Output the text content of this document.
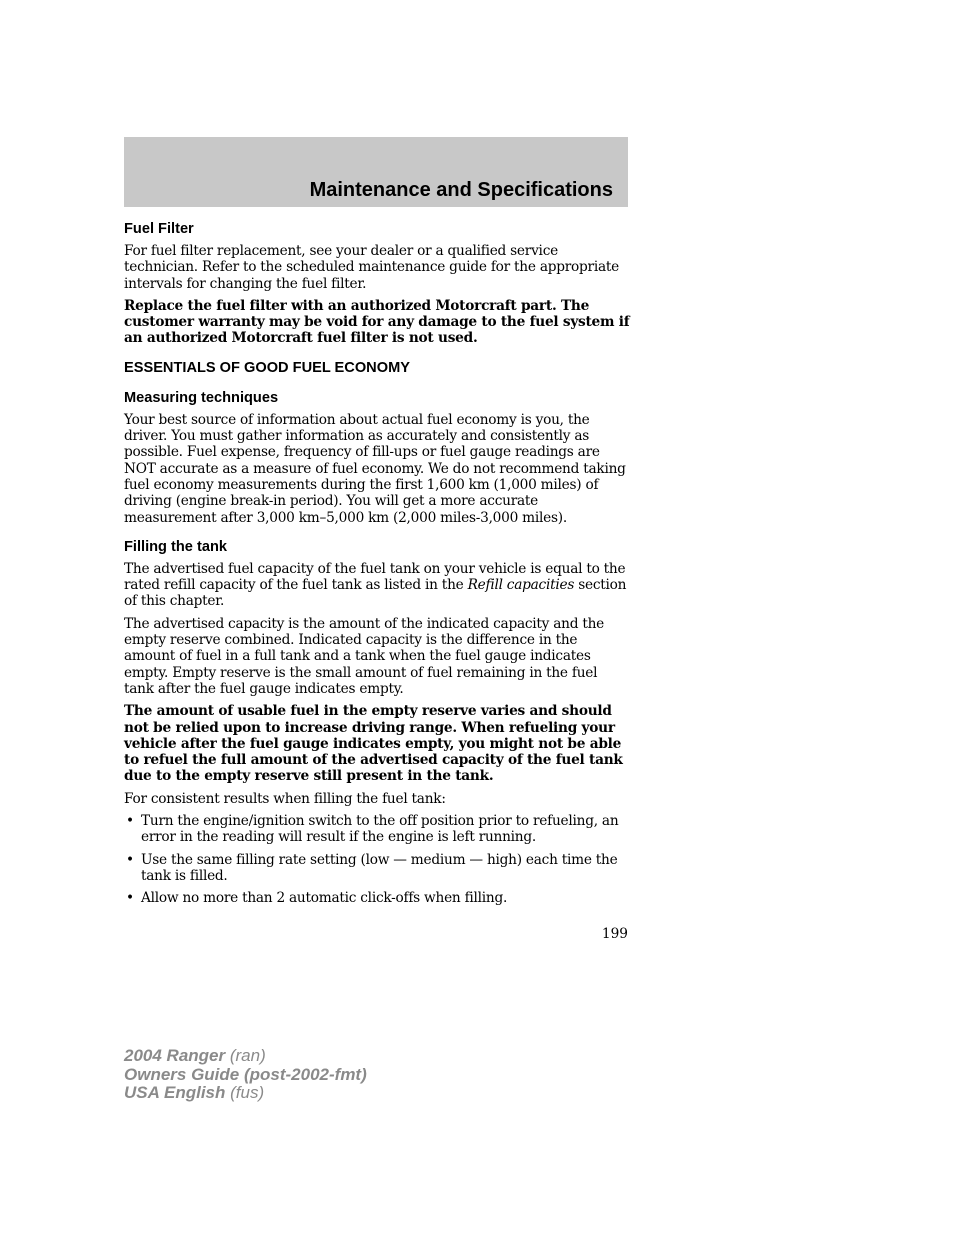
Maintenance and Specifications
Fuel Filter

For fuel filter replacement, see your dealer or a qualified service technician. Refer to the scheduled maintenance guide for the appropriate intervals for changing the fuel filter.

Replace the fuel filter with an authorized Motorcraft part. The customer warranty may be void for any damage to the fuel system if an authorized Motorcraft fuel filter is not used.

ESSENTIALS OF GOOD FUEL ECONOMY
Measuring techniques

Your best source of information about actual fuel economy is you, the driver. You must gather information as accurately and consistently as possible. Fuel expense, frequency of fill-ups or fuel gauge readings are NOT accurate as a measure of fuel economy. We do not recommend taking fuel economy measurements during the first 1,600 km (1,000 miles) of driving (engine break-in period). You will get a more accurate measurement after 3,000 km–5,000 km (2,000 miles-3,000 miles).

Filling the tank

The advertised fuel capacity of the fuel tank on your vehicle is equal to the rated refill capacity of the fuel tank as listed in the Refill capacities section of this chapter.

The advertised capacity is the amount of the indicated capacity and the empty reserve combined. Indicated capacity is the difference in the amount of fuel in a full tank and a tank when the fuel gauge indicates empty. Empty reserve is the small amount of fuel remaining in the fuel tank after the fuel gauge indicates empty.

The amount of usable fuel in the empty reserve varies and should not be relied upon to increase driving range. When refueling your vehicle after the fuel gauge indicates empty, you might not be able to refuel the full amount of the advertised capacity of the fuel tank due to the empty reserve still present in the tank.

For consistent results when filling the fuel tank:

• Turn the engine/ignition switch to the off position prior to refueling, an error in the reading will result if the engine is left running.
• Use the same filling rate setting (low — medium — high) each time the tank is filled.
• Allow no more than 2 automatic click-offs when filling.
199
2004 Ranger (ran)
Owners Guide (post-2002-fmt)
USA English (fus)
